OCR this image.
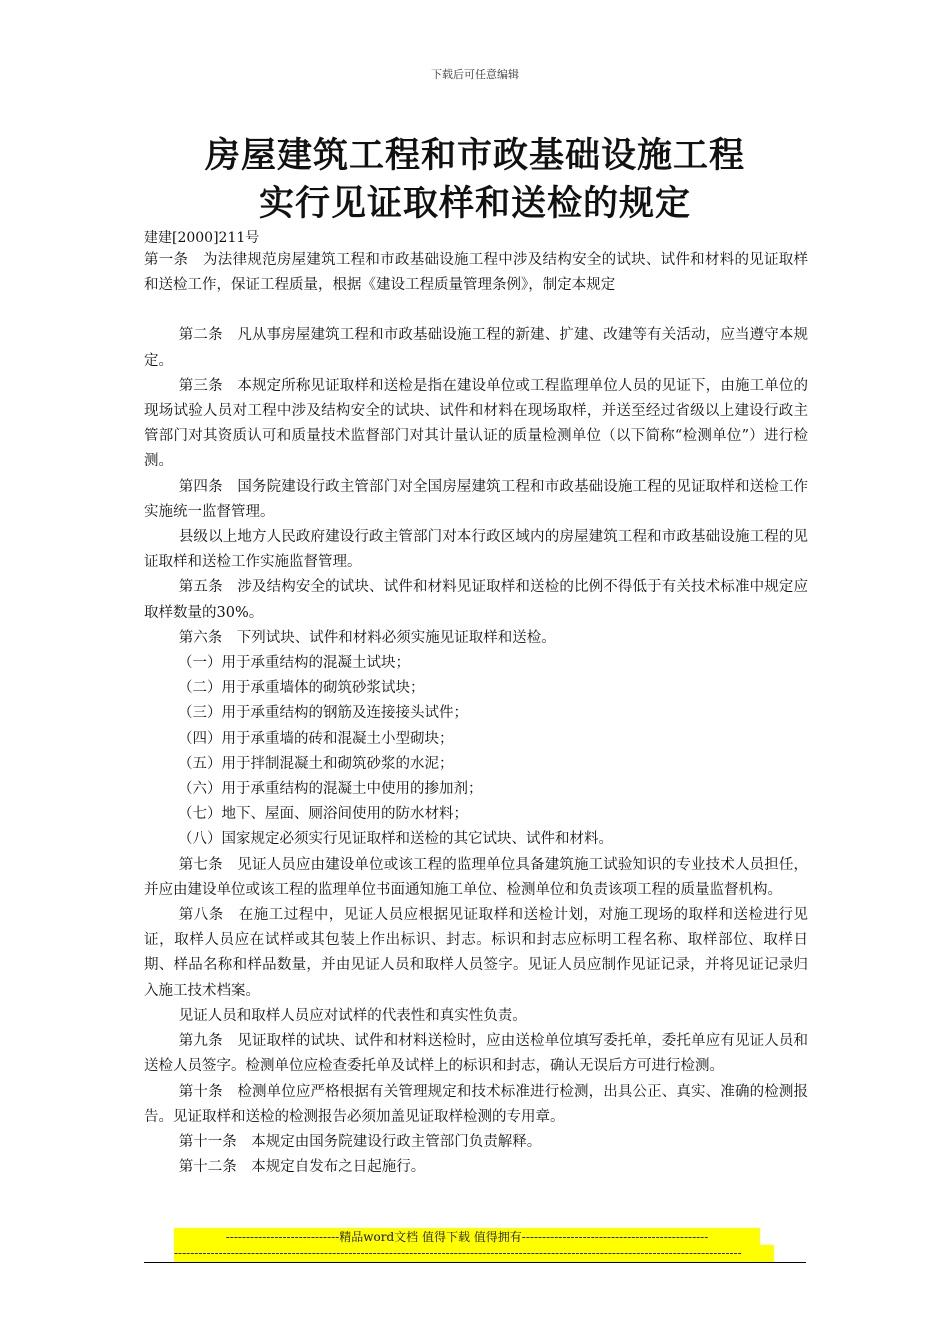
下载后可任意编辑
房屋建筑工程和市政基础设施工程
实行见证取样和送检的规定
建建[2000]211号

第一条　为法律规范房屋建筑工程和市政基础设施工程中涉及结构安全的试块、试件和材料的见证取样和送检工作，保证工程质量，根据《建设工程质量管理条例》，制定本规定

第二条　凡从事房屋建筑工程和市政基础设施工程的新建、扩建、改建等有关活动，应当遵守本规定。

第三条　本规定所称见证取样和送检是指在建设单位或工程监理单位人员的见证下，由施工单位的现场试验人员对工程中涉及结构安全的试块、试件和材料在现场取样，并送至经过省级以上建设行政主管部门对其资质认可和质量技术监督部门对其计量认证的质量检测单位（以下简称“检测单位”）进行检测。

第四条　国务院建设行政主管部门对全国房屋建筑工程和市政基础设施工程的见证取样和送检工作实施统一监督管理。

县级以上地方人民政府建设行政主管部门对本行政区域内的房屋建筑工程和市政基础设施工程的见证取样和送检工作实施监督管理。

第五条　涉及结构安全的试块、试件和材料见证取样和送检的比例不得低于有关技术标准中规定应取样数量的30%。

第六条　下列试块、试件和材料必须实施见证取样和送检。

（一）用于承重结构的混凝土试块；

（二）用于承重墙体的砌筑砂浆试块；

（三）用于承重结构的钢筋及连接接头试件；

（四）用于承重墙的砖和混凝土小型砌块；

（五）用于拌制混凝土和砌筑砂浆的水泥；

（六）用于承重结构的混凝土中使用的掺加剂；

（七）地下、屋面、厕浴间使用的防水材料；

（八）国家规定必须实行见证取样和送检的其它试块、试件和材料。

第七条　见证人员应由建设单位或该工程的监理单位具备建筑施工试验知识的专业技术人员担任，并应由建设单位或该工程的监理单位书面通知施工单位、检测单位和负责该项工程的质量监督机构。

第八条　在施工过程中，见证人员应根据见证取样和送检计划，对施工现场的取样和送检进行见证，取样人员应在试样或其包装上作出标识、封志。标识和封志应标明工程名称、取样部位、取样日期、样品名称和样品数量，并由见证人员和取样人员签字。见证人员应制作见证记录，并将见证记录归入施工技术档案。

见证人员和取样人员应对试样的代表性和真实性负责。

第九条　见证取样的试块、试件和材料送检时，应由送检单位填写委托单，委托单应有见证人员和送检人员签字。检测单位应检查委托单及试样上的标识和封志，确认无误后方可进行检测。

第十条　检测单位应严格根据有关管理规定和技术标准进行检测，出具公正、真实、准确的检测报告。见证取样和送检的检测报告必须加盖见证取样检测的专用章。

第十一条　本规定由国务院建设行政主管部门负责解释。

第十二条　本规定自发布之日起施行。

----------------------------精品word文档 值得下载 值得拥有----------------------------------------------
--------------------------------------------------------------------------------------------------------------------------------------------
